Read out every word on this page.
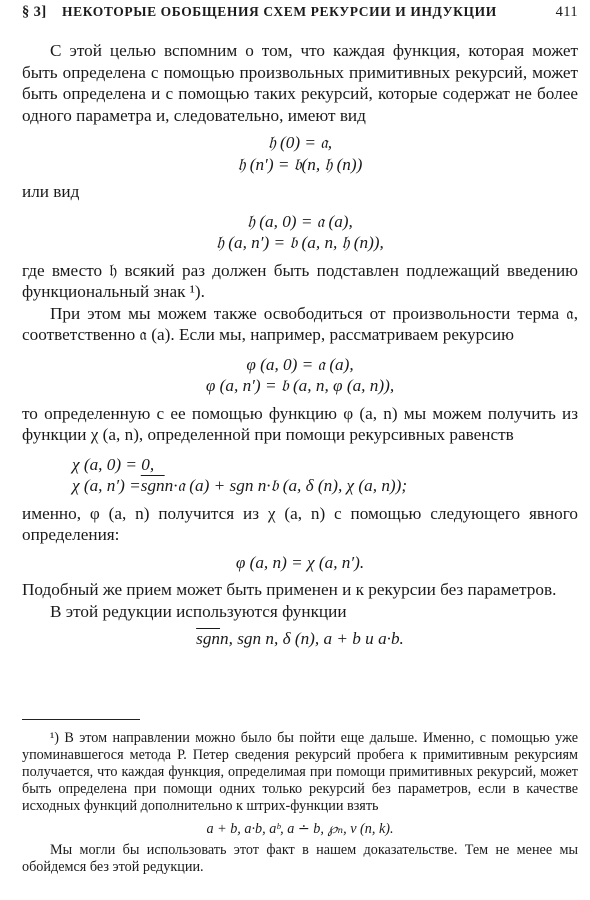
§ 3] НЕКОТОРЫЕ ОБОБЩЕНИЯ СХЕМ РЕКУРСИИ И ИНДУКЦИИ	411

С этой целью вспомним о том, что каждая функция, которая может быть определена с помощью произвольных примитивных рекурсий, может быть определена и с помощью таких рекурсий, которые содержат не более одного параметра и, следовательно, имеют вид

𝔥 (0) = 𝔞,
𝔥 (n′) = 𝔟(n, 𝔥 (n))

или вид

𝔥 (a, 0) = 𝔞 (a),
𝔥 (a, n′) = 𝔟 (a, n, 𝔥 (n)),

где вместо 𝔥 всякий раз должен быть подставлен подлежащий введению функциональный знак ¹).

При этом мы можем также освободиться от произвольности терма 𝔞, соответственно 𝔞 (a). Если мы, например, рассматриваем рекурсию

φ (a, 0) = 𝔞 (a),
φ (a, n′) = 𝔟 (a, n, φ (a, n)),

то определенную с ее помощью функцию φ (a, n) мы можем получить из функции χ (a, n), определенной при помощи рекурсивных равенств

χ (a, 0) = 0,
χ (a, $n') =\overline{sgn}n\cdot 𝔞$ (a) + sgn n·𝔟 (a, δ (n), χ (a, n));

именно, φ (a, n) получится из χ (a, n) с помощью следующего явного определения:

φ (a, n) = χ (a, n′).

Подобный же прием может быть применен и к рекурсии без параметров.

В этой редукции используются функции

$\overline{sgn}n$, sgn n, δ (n), a + b и a·b.

¹) В этом направлении можно было бы пойти еще дальше. Именно, с помощью уже упоминавшегося метода Р. Петер сведения рекурсий пробега к примитивным рекурсиям получается, что каждая функция, определимая при помощи примитивных рекурсий, может быть определена при помощи одних только рекурсий без параметров, если в качестве исходных функций дополнительно к штрих-функции взять

a + b, a·b, aᵇ, a ∸ b, ℘ₙ, ν (n, k).

Мы могли бы использовать этот факт в нашем доказательстве. Тем не менее мы обойдемся без этой редукции.
